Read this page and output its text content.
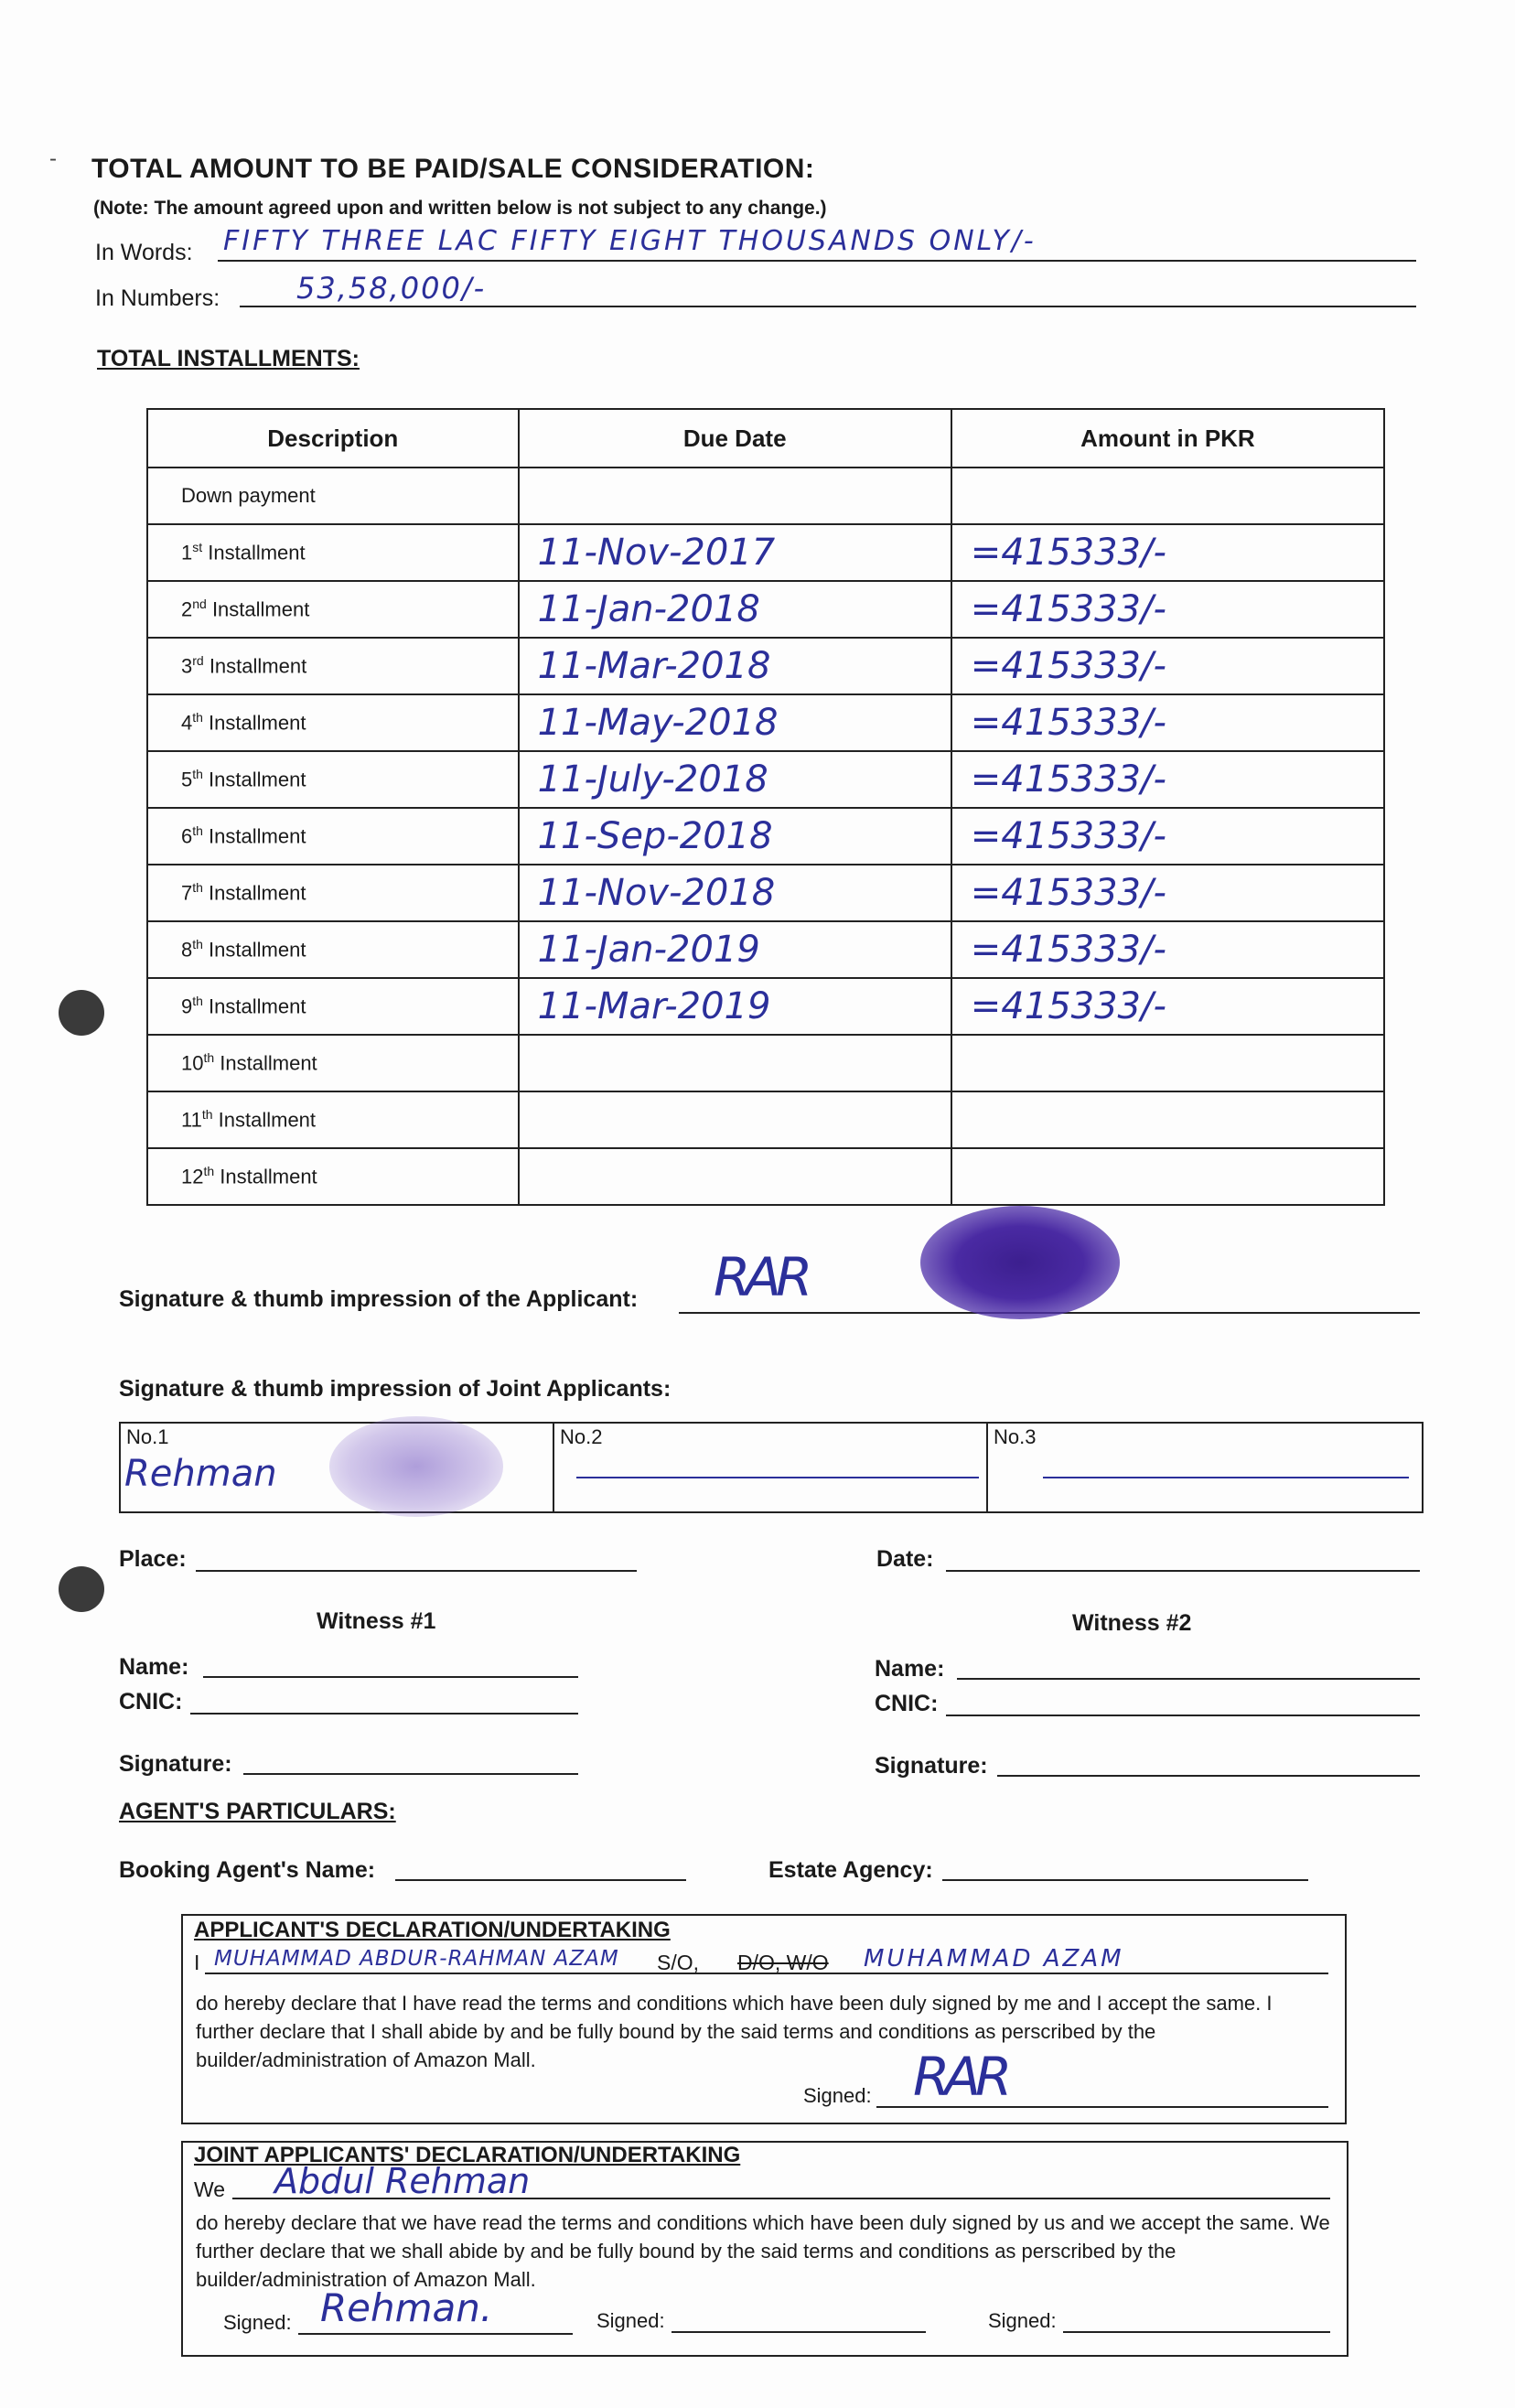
- TOTAL AMOUNT TO BE PAID/SALE CONSIDERATION:
(Note: The amount agreed upon and written below is not subject to any change.)
In Words: FIFTY THREE LAC FIFTY EIGHT THOUSANDS ONLY/-
In Numbers:	53,58,000/-
TOTAL INSTALLMENTS:
Description	Due Date	Amount in PKR
Down payment		
1st Installment	11-Nov-2017	=415333/-
2nd Installment	11-Jan-2018	=415333/-
3rd Installment	11-Mar-2018	=415333/-
4th Installment	11-May-2018	=415333/-
5th Installment	11-July-2018	=415333/-
6th Installment	11-Sep-2018	=415333/-
7th Installment	11-Nov-2018	=415333/-
8th Installment	11-Jan-2019	=415333/-
9th Installment	11-Mar-2019	=415333/-
10th Installment		
11th Installment		
12th Installment		
Signature & thumb impression of the Applicant: RAR
Signature & thumb impression of Joint Applicants:
No.1	No.2	No.3
Rehman
Place:	Date:
Witness #1	Witness #2
Name:
CNIC:
Signature:
Name:
CNIC:
Signature:
AGENT'S PARTICULARS:
Booking Agent's Name:	Estate Agency:
APPLICANT'S DECLARATION/UNDERTAKING
I MUHAMMAD ABDUR-RAHMAN AZAM S/O, D/O, W/O MUHAMMAD AZAM
do hereby declare that I have read the terms and conditions which have been duly signed by me and I accept the same. I further declare that I shall abide by and be fully bound by the said terms and conditions as perscribed by the builder/administration of Amazon Mall.
Signed: RAR
JOINT APPLICANTS' DECLARATION/UNDERTAKING
We Abdul Rehman
do hereby declare that we have read the terms and conditions which have been duly signed by us and we accept the same. We further declare that we shall abide by and be fully bound by the said terms and conditions as perscribed by the builder/administration of Amazon Mall.
Signed: Rehman.	Signed:	Signed:
